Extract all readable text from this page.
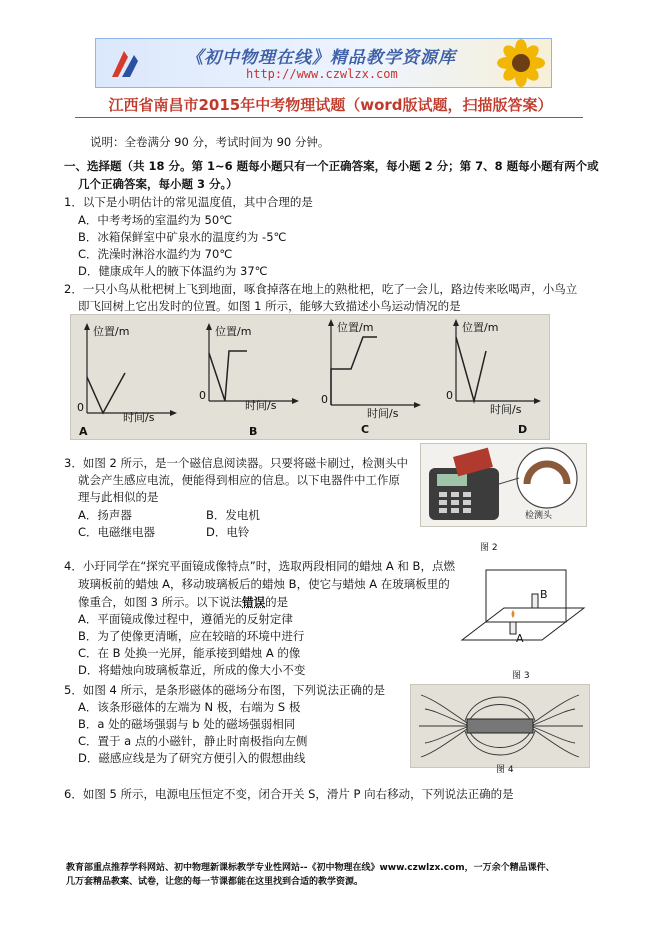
《初中物理在线》精品教学资源库
http://www.czwlzx.com
江西省南昌市2015年中考物理试题（word版试题，扫描版答案）
说明：全卷满分 90 分，考试时间为 90 分钟。
一、选择题（共 18 分。第 1~6 题每小题只有一个正确答案，每小题 2 分；第 7、8 题每小题有两个或
几个正确答案，每小题 3 分。）
1．以下是小明估计的常见温度值，其中合理的是
A．中考考场的室温约为 50℃
B．冰箱保鲜室中矿泉水的温度约为 -5℃
C．洗澡时淋浴水温约为 70℃
D．健康成年人的腋下体温约为 37℃
2．一只小鸟从枇杷树上飞到地面，啄食掉落在地上的熟枇杷，吃了一会儿，路边传来吆喝声，小鸟立
即飞回树上它出发时的位置。如图 1 所示，能够大致描述小鸟运动情况的是
位置/m
0
时间/s
A
位置/m
0
时间/s
B
位置/m
0
时间/s
C
位置/m
0
时间/s
D
3．如图 2 所示，是一个磁信息阅读器。只要将磁卡刷过，检测头中
就会产生感应电流，便能得到相应的信息。以下电器件中工作原
理与此相似的是
A．扬声器	B．发电机
C．电磁继电器	D．电铃
检测头
图 2
4．小玗同学在“探究平面镜成像特点”时，选取两段相同的蜡烛 A 和 B，点燃
玻璃板前的蜡烛 A，移动玻璃板后的蜡烛 B，使它与蜡烛 A 在玻璃板里的
像重合，如图 3 所示。以下说法错误的是
A．平面镜成像过程中，遵循光的反射定律
B．为了使像更清晰，应在较暗的环境中进行
C．在 B 处换一光屏，能承接到蜡烛 A 的像
D．将蜡烛向玻璃板靠近，所成的像大小不变
B
A
图 3
5．如图 4 所示，是条形磁体的磁场分布图，下列说法正确的是
A．该条形磁体的左端为 N 极，右端为 S 极
B．a 处的磁场强弱与 b 处的磁场强弱相同
C．置于 a 点的小磁针，静止时南极指向左侧
D．磁感应线是为了研究方便引入的假想曲线
图 4
6．如图 5 所示，电源电压恒定不变，闭合开关 S，滑片 P 向右移动，下列说法正确的是
教育部重点推荐学科网站、初中物理新课标教学专业性网站--《初中物理在线》www.czwlzx.com，一万余个精品课件、
几万套精品教案、试卷，让您的每一节课都能在这里找到合适的教学资源。
